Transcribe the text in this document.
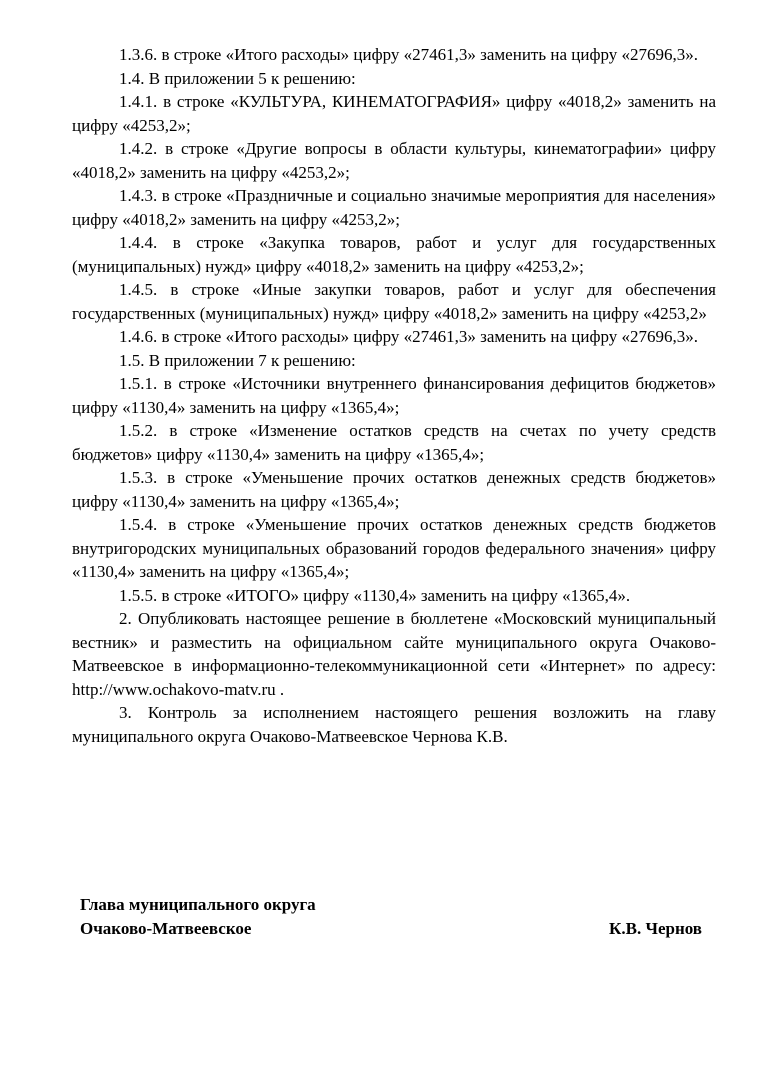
1.3.6. в строке «Итого расходы» цифру «27461,3» заменить на цифру «27696,3».

1.4. В приложении 5 к решению:

1.4.1. в строке «КУЛЬТУРА, КИНЕМАТОГРАФИЯ» цифру «4018,2» заменить на цифру «4253,2»;

1.4.2. в строке «Другие вопросы в области культуры, кинематографии» цифру «4018,2» заменить на цифру «4253,2»;

1.4.3. в строке «Праздничные и социально значимые мероприятия для населения» цифру «4018,2» заменить на цифру «4253,2»;

1.4.4. в строке «Закупка товаров, работ и услуг для государственных (муниципальных) нужд» цифру «4018,2» заменить на цифру «4253,2»;

1.4.5. в строке «Иные закупки товаров, работ и услуг для обеспечения государственных (муниципальных) нужд» цифру «4018,2» заменить на цифру «4253,2»

1.4.6. в строке «Итого расходы» цифру «27461,3» заменить на цифру «27696,3».

1.5. В приложении 7 к решению:

1.5.1. в строке «Источники внутреннего финансирования дефицитов бюджетов» цифру «1130,4» заменить на цифру «1365,4»;

1.5.2. в строке «Изменение остатков средств на счетах по учету средств бюджетов» цифру «1130,4» заменить на цифру «1365,4»;

1.5.3. в строке «Уменьшение прочих остатков денежных средств бюджетов» цифру «1130,4» заменить на цифру «1365,4»;

1.5.4. в строке «Уменьшение прочих остатков денежных средств бюджетов внутригородских муниципальных образований городов федерального значения» цифру «1130,4» заменить на цифру «1365,4»;

1.5.5. в строке «ИТОГО» цифру «1130,4» заменить на цифру «1365,4».

2. Опубликовать настоящее решение в бюллетене «Московский муниципальный вестник» и разместить на официальном сайте муниципального округа Очаково-Матвеевское в информационно-телекоммуникационной сети «Интернет» по адресу: http://www.ochakovo-matv.ru .

3. Контроль за исполнением настоящего решения возложить на главу муниципального округа Очаково-Матвеевское Чернова К.В.

Глава муниципального округа
Очаково-Матвеевское	К.В. Чернов
